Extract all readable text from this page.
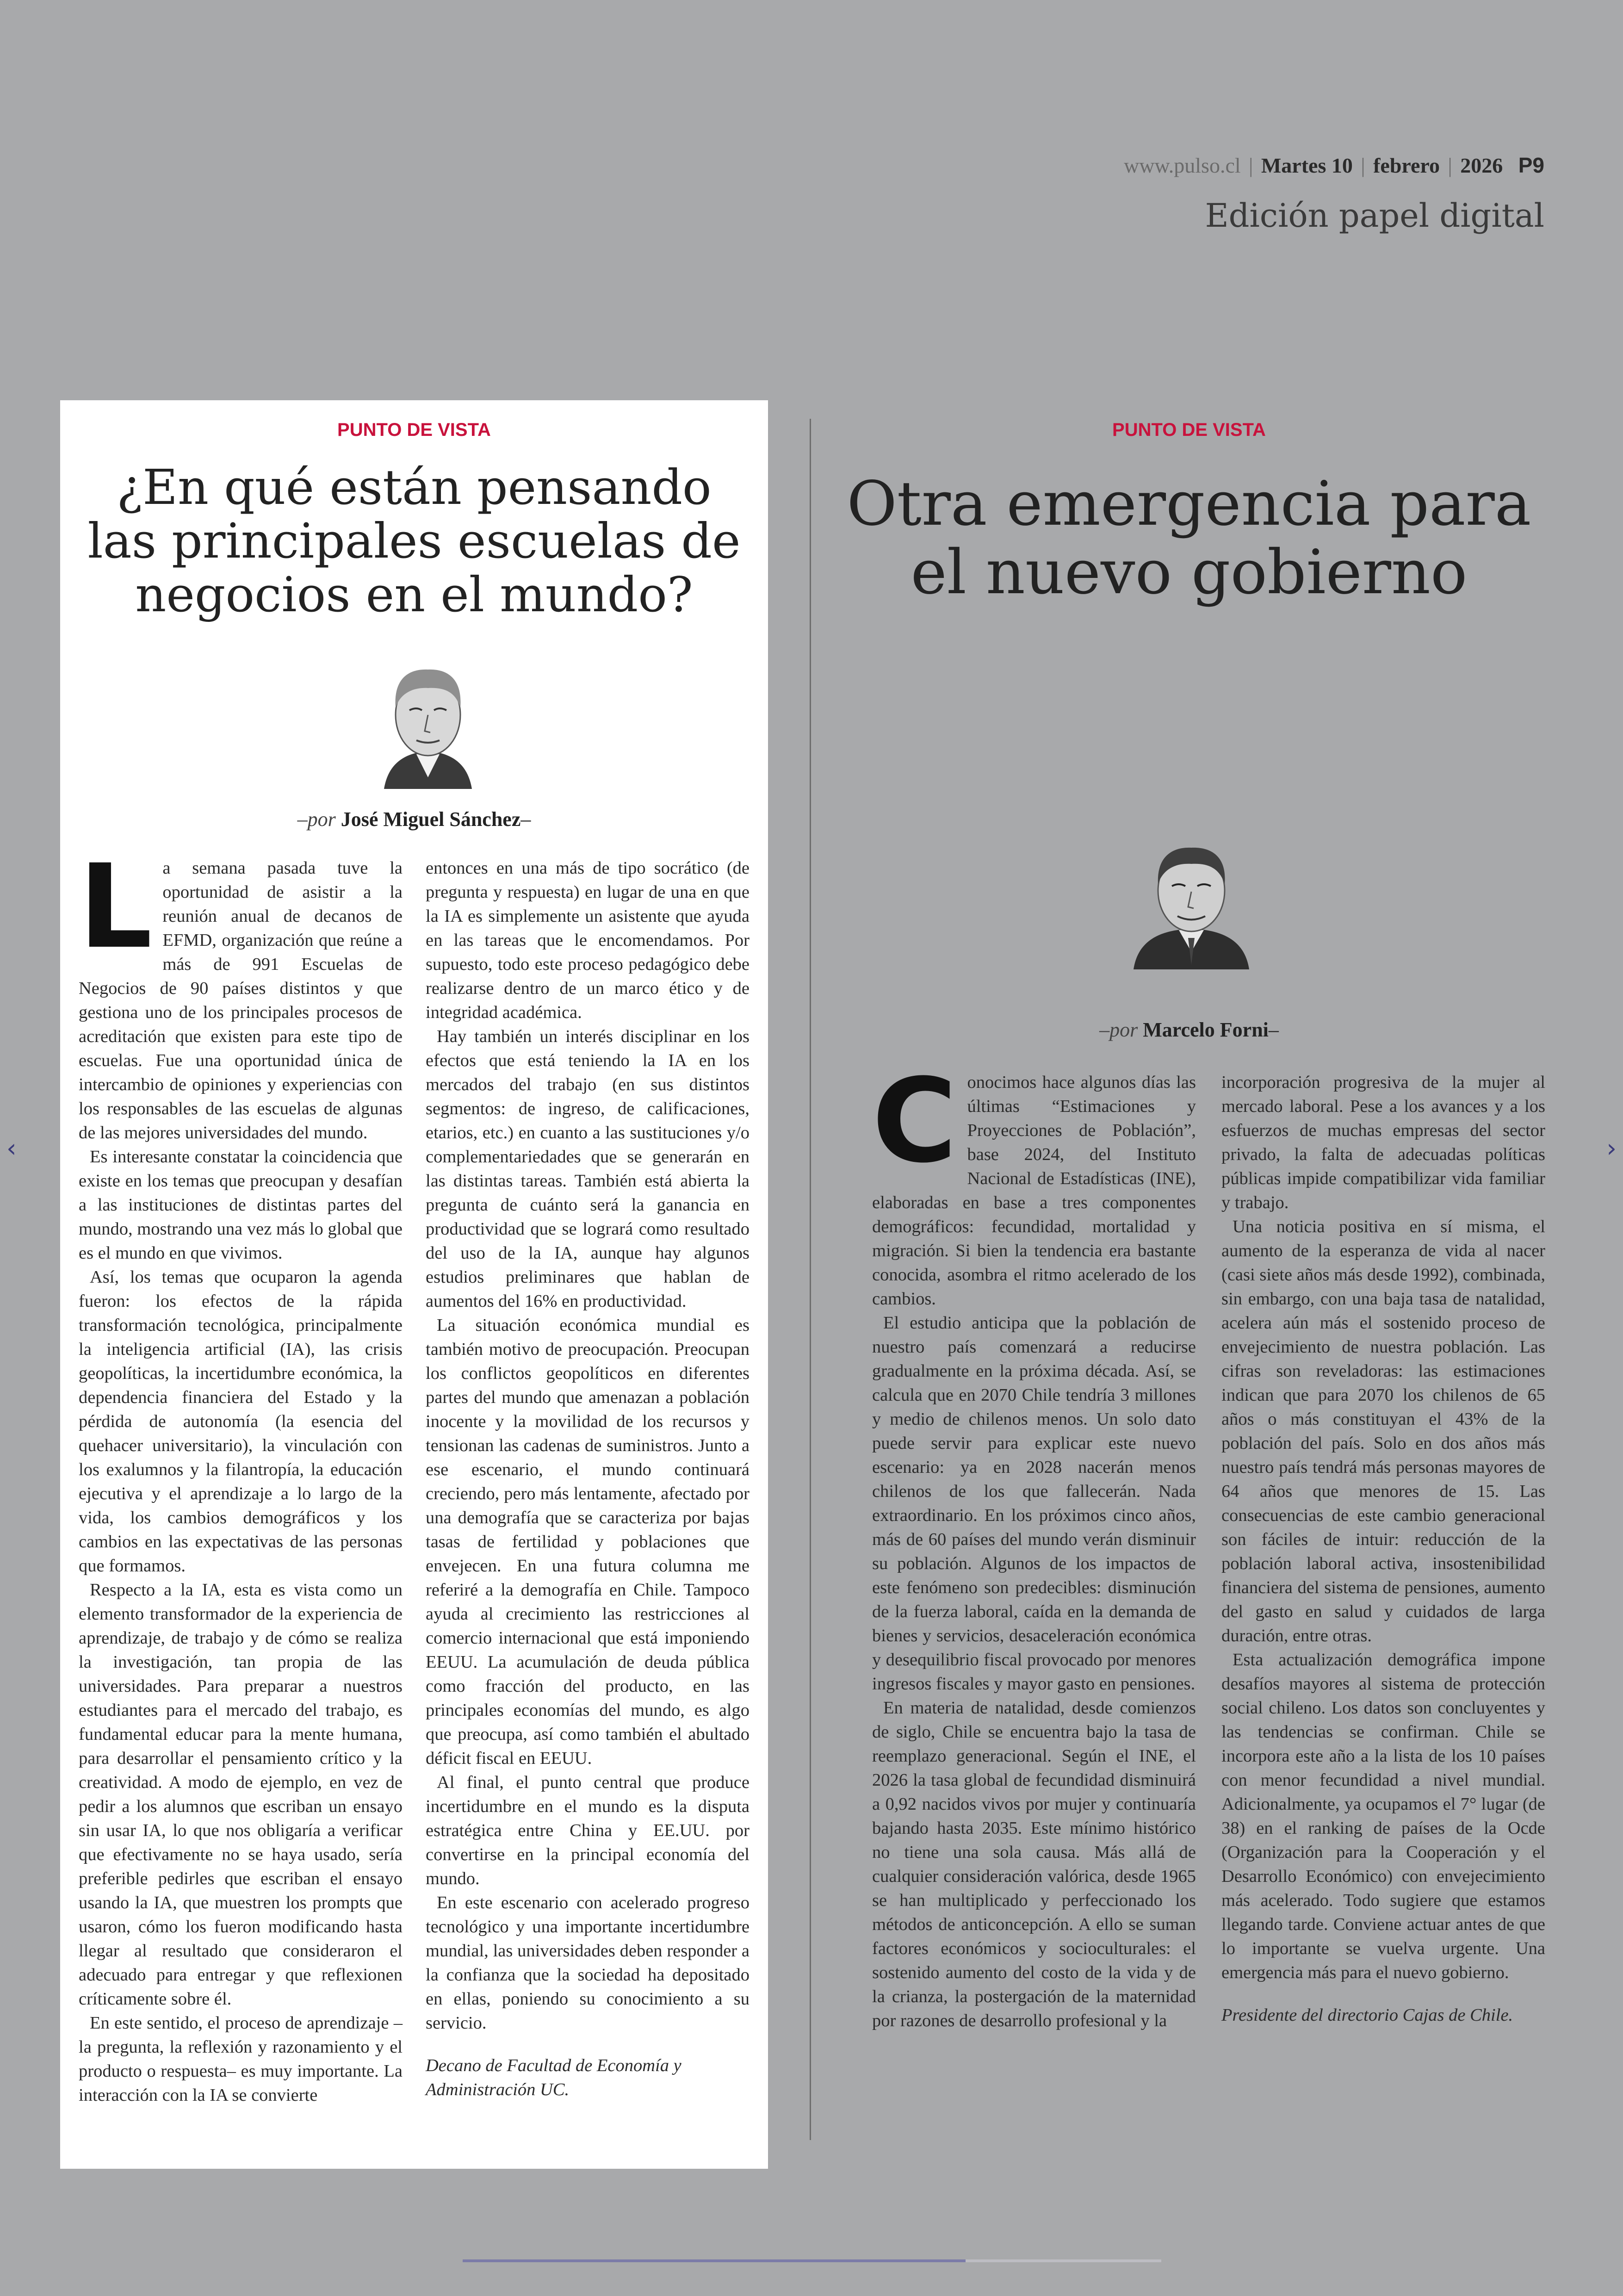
www.pulso.cl | Martes 10 | febrero | 2026 P9
Edición papel digital
‹	›
PUNTO DE VISTA
¿En qué están pensando las principales escuelas de negocios en el mundo?
–por José Miguel Sánchez–

La semana pasada tuve la oportunidad de asistir a la reunión anual de decanos de EFMD, organización que reúne a más de 991 Escuelas de Negocios de 90 países distintos y que gestiona uno de los principales procesos de acreditación que existen para este tipo de escuelas. Fue una oportunidad única de intercambio de opiniones y experiencias con los responsables de las escuelas de algunas de las mejores universidades del mundo.

Es interesante constatar la coincidencia que existe en los temas que preocupan y desafían a las instituciones de distintas partes del mundo, mostrando una vez más lo global que es el mundo en que vivimos.

Así, los temas que ocuparon la agenda fueron: los efectos de la rápida transformación tecnológica, principalmente la inteligencia artificial (IA), las crisis geopolíticas, la incertidumbre económica, la dependencia financiera del Estado y la pérdida de autonomía (la esencia del quehacer universitario), la vinculación con los exalumnos y la filantropía, la educación ejecutiva y el aprendizaje a lo largo de la vida, los cambios demográficos y los cambios en las expectativas de las personas que formamos.

Respecto a la IA, esta es vista como un elemento transformador de la experiencia de aprendizaje, de trabajo y de cómo se realiza la investigación, tan propia de las universidades. Para preparar a nuestros estudiantes para el mercado del trabajo, es fundamental educar para la mente humana, para desarrollar el pensamiento crítico y la creatividad. A modo de ejemplo, en vez de pedir a los alumnos que escriban un ensayo sin usar IA, lo que nos obligaría a verificar que efectivamente no se haya usado, sería preferible pedirles que escriban el ensayo usando la IA, que muestren los prompts que usaron, cómo los fueron modificando hasta llegar al resultado que consideraron el adecuado para entregar y que reflexionen críticamente sobre él.

En este sentido, el proceso de aprendizaje –la pregunta, la reflexión y razonamiento y el producto o respuesta– es muy importante. La interacción con la IA se convierte

entonces en una más de tipo socrático (de pregunta y respuesta) en lugar de una en que la IA es simplemente un asistente que ayuda en las tareas que le encomendamos. Por supuesto, todo este proceso pedagógico debe realizarse dentro de un marco ético y de integridad académica.

Hay también un interés disciplinar en los efectos que está teniendo la IA en los mercados del trabajo (en sus distintos segmentos: de ingreso, de calificaciones, etarios, etc.) en cuanto a las sustituciones y/o complementariedades que se generarán en las distintas tareas. También está abierta la pregunta de cuánto será la ganancia en productividad que se logrará como resultado del uso de la IA, aunque hay algunos estudios preliminares que hablan de aumentos del 16% en productividad.

La situación económica mundial es también motivo de preocupación. Preocupan los conflictos geopolíticos en diferentes partes del mundo que amenazan a población inocente y la movilidad de los recursos y tensionan las cadenas de suministros. Junto a ese escenario, el mundo continuará creciendo, pero más lentamente, afectado por una demografía que se caracteriza por bajas tasas de fertilidad y poblaciones que envejecen. En una futura columna me referiré a la demografía en Chile. Tampoco ayuda al crecimiento las restricciones al comercio internacional que está imponiendo EEUU. La acumulación de deuda pública como fracción del producto, en las principales economías del mundo, es algo que preocupa, así como también el abultado déficit fiscal en EEUU.

Al final, el punto central que produce incertidumbre en el mundo es la disputa estratégica entre China y EE.UU. por convertirse en la principal economía del mundo.

En este escenario con acelerado progreso tecnológico y una importante incertidumbre mundial, las universidades deben responder a la confianza que la sociedad ha depositado en ellas, poniendo su conocimiento a su servicio.

Decano de Facultad de Economía y Administración UC.

PUNTO DE VISTA
Otra emergencia para el nuevo gobierno
–por Marcelo Forni–

Conocimos hace algunos días las últimas “Estimaciones y Proyecciones de Población”, base 2024, del Instituto Nacional de Estadísticas (INE), elaboradas en base a tres componentes demográficos: fecundidad, mortalidad y migración. Si bien la tendencia era bastante conocida, asombra el ritmo acelerado de los cambios.

El estudio anticipa que la población de nuestro país comenzará a reducirse gradualmente en la próxima década. Así, se calcula que en 2070 Chile tendría 3 millones y medio de chilenos menos. Un solo dato puede servir para explicar este nuevo escenario: ya en 2028 nacerán menos chilenos de los que fallecerán. Nada extraordinario. En los próximos cinco años, más de 60 países del mundo verán disminuir su población. Algunos de los impactos de este fenómeno son predecibles: disminución de la fuerza laboral, caída en la demanda de bienes y servicios, desaceleración económica y desequilibrio fiscal provocado por menores ingresos fiscales y mayor gasto en pensiones.

En materia de natalidad, desde comienzos de siglo, Chile se encuentra bajo la tasa de reemplazo generacional. Según el INE, el 2026 la tasa global de fecundidad disminuirá a 0,92 nacidos vivos por mujer y continuaría bajando hasta 2035. Este mínimo histórico no tiene una sola causa. Más allá de cualquier consideración valórica, desde 1965 se han multiplicado y perfeccionado los métodos de anticoncepción. A ello se suman factores económicos y socioculturales: el sostenido aumento del costo de la vida y de la crianza, la postergación de la maternidad por razones de desarrollo profesional y la

incorporación progresiva de la mujer al mercado laboral. Pese a los avances y a los esfuerzos de muchas empresas del sector privado, la falta de adecuadas políticas públicas impide compatibilizar vida familiar y trabajo.

Una noticia positiva en sí misma, el aumento de la esperanza de vida al nacer (casi siete años más desde 1992), combinada, sin embargo, con una baja tasa de natalidad, acelera aún más el sostenido proceso de envejecimiento de nuestra población. Las cifras son reveladoras: las estimaciones indican que para 2070 los chilenos de 65 años o más constituyan el 43% de la población del país. Solo en dos años más nuestro país tendrá más personas mayores de 64 años que menores de 15. Las consecuencias de este cambio generacional son fáciles de intuir: reducción de la población laboral activa, insostenibilidad financiera del sistema de pensiones, aumento del gasto en salud y cuidados de larga duración, entre otras.

Esta actualización demográfica impone desafíos mayores al sistema de protección social chileno. Los datos son concluyentes y las tendencias se confirman. Chile se incorpora este año a la lista de los 10 países con menor fecundidad a nivel mundial. Adicionalmente, ya ocupamos el 7° lugar (de 38) en el ranking de países de la Ocde (Organización para la Cooperación y el Desarrollo Económico) con envejecimiento más acelerado. Todo sugiere que estamos llegando tarde. Conviene actuar antes de que lo importante se vuelva urgente. Una emergencia más para el nuevo gobierno.

Presidente del directorio Cajas de Chile.
